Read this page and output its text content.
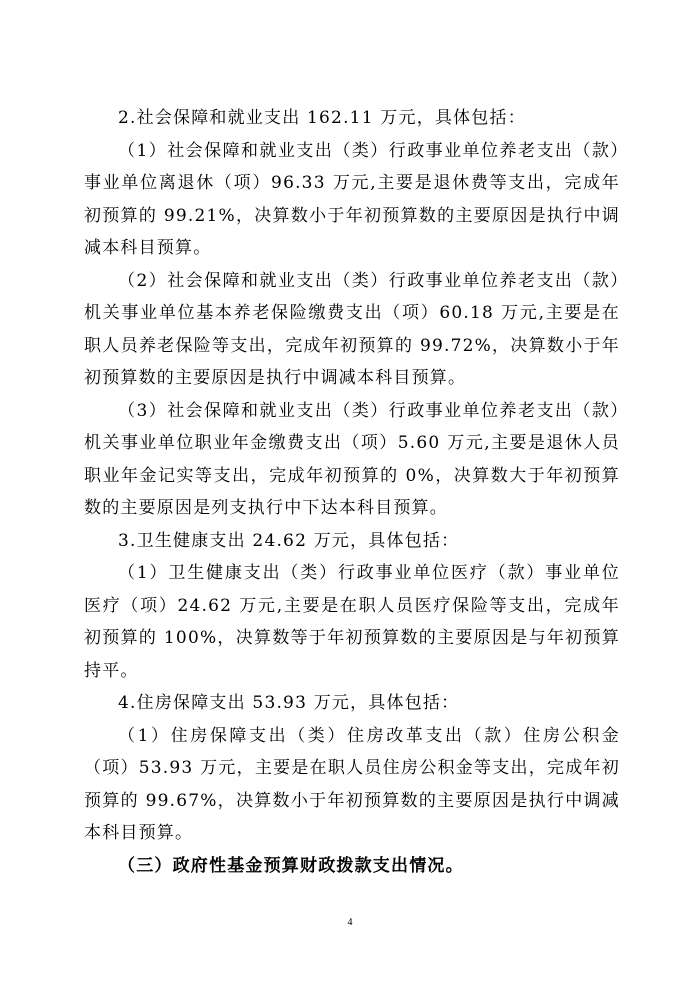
2.社会保障和就业支出 162.11 万元，具体包括：

（1）社会保障和就业支出（类）行政事业单位养老支出（款）事业单位离退休（项）96.33 万元,主要是退休费等支出，完成年初预算的 99.21%，决算数小于年初预算数的主要原因是执行中调减本科目预算。

（2）社会保障和就业支出（类）行政事业单位养老支出（款）机关事业单位基本养老保险缴费支出（项）60.18 万元,主要是在职人员养老保险等支出，完成年初预算的 99.72%，决算数小于年初预算数的主要原因是执行中调减本科目预算。

（3）社会保障和就业支出（类）行政事业单位养老支出（款）机关事业单位职业年金缴费支出（项）5.60 万元,主要是退休人员职业年金记实等支出，完成年初预算的 0%，决算数大于年初预算数的主要原因是列支执行中下达本科目预算。

3.卫生健康支出 24.62 万元，具体包括：

（1）卫生健康支出（类）行政事业单位医疗（款）事业单位医疗（项）24.62 万元,主要是在职人员医疗保险等支出，完成年初预算的 100%，决算数等于年初预算数的主要原因是与年初预算持平。

4.住房保障支出 53.93 万元，具体包括：

（1）住房保障支出（类）住房改革支出（款）住房公积金（项）53.93 万元，主要是在职人员住房公积金等支出，完成年初预算的 99.67%，决算数小于年初预算数的主要原因是执行中调减本科目预算。

（三）政府性基金预算财政拨款支出情况。

4
